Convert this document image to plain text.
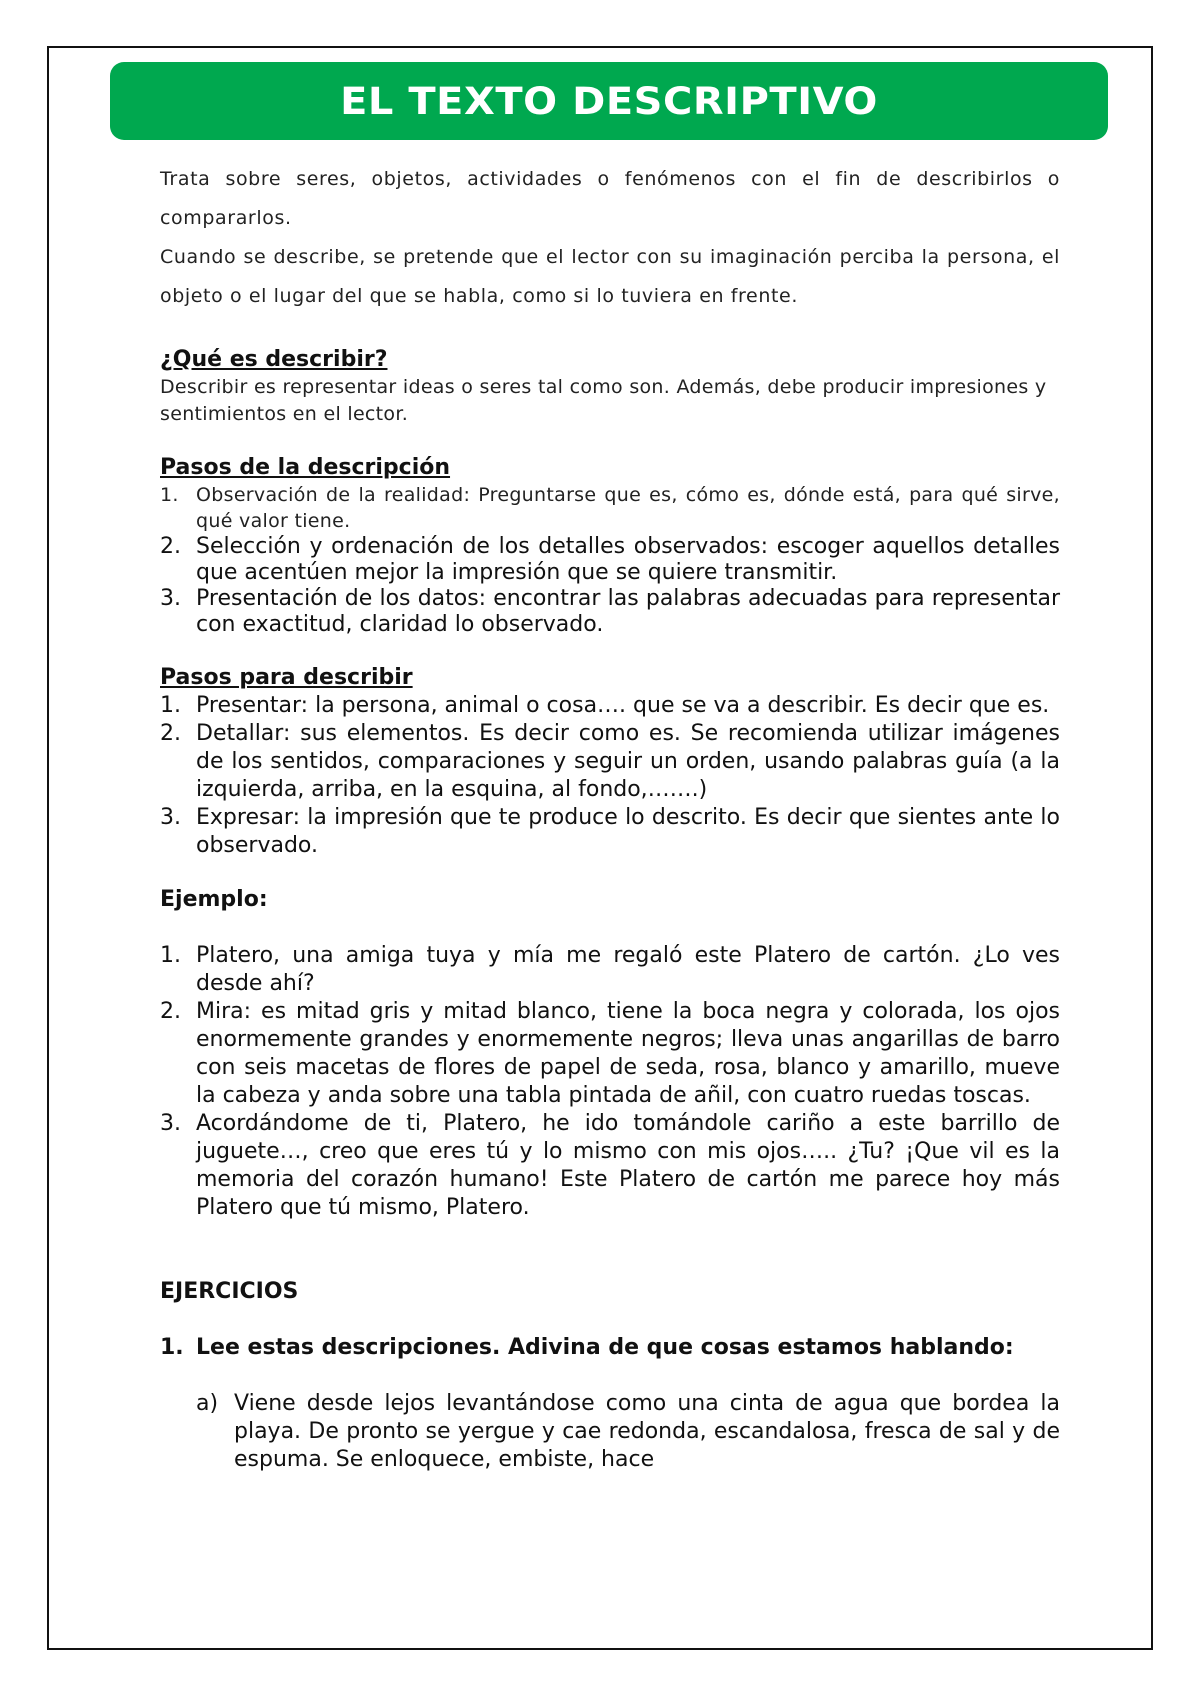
EL TEXTO DESCRIPTIVO

Trata sobre seres, objetos, actividades o fenómenos con el fin de describirlos o compararlos.

Cuando se describe, se pretende que el lector con su imaginación perciba la persona, el objeto o el lugar del que se habla, como si lo tuviera en frente.

¿Qué es describir?

Describir es representar ideas o seres tal como son. Además, debe producir impresiones y sentimientos en el lector.

Pasos de la descripción

1. Observación de la realidad: Preguntarse que es, cómo es, dónde está, para qué sirve, qué valor tiene.
2. Selección y ordenación de los detalles observados: escoger aquellos detalles que acentúen mejor la impresión que se quiere transmitir.
3. Presentación de los datos: encontrar las palabras adecuadas para representar con exactitud, claridad lo observado.

Pasos para describir

1. Presentar: la persona, animal o cosa…. que se va a describir. Es decir que es.
2. Detallar: sus elementos. Es decir como es. Se recomienda utilizar imágenes de los sentidos, comparaciones y seguir un orden, usando palabras guía (a la izquierda, arriba, en la esquina, al fondo,…….)
3. Expresar: la impresión que te produce lo descrito. Es decir que sientes ante lo observado.

Ejemplo:

1. Platero, una amiga tuya y mía me regaló este Platero de cartón. ¿Lo ves desde ahí?
2. Mira: es mitad gris y mitad blanco, tiene la boca negra y colorada, los ojos enormemente grandes y enormemente negros; lleva unas angarillas de barro con seis macetas de flores de papel de seda, rosa, blanco y amarillo, mueve la cabeza y anda sobre una tabla pintada de añil, con cuatro ruedas toscas.
3. Acordándome de ti, Platero, he ido tomándole cariño a este barrillo de juguete…, creo que eres tú y lo mismo con mis ojos….. ¿Tu? ¡Que vil es la memoria del corazón humano! Este Platero de cartón me parece hoy más Platero que tú mismo, Platero.

EJERCICIOS

1. Lee estas descripciones. Adivina de que cosas estamos hablando:

a) Viene desde lejos levantándose como una cinta de agua que bordea la playa. De pronto se yergue y cae redonda, escandalosa, fresca de sal y de espuma. Se enloquece, embiste, hace
